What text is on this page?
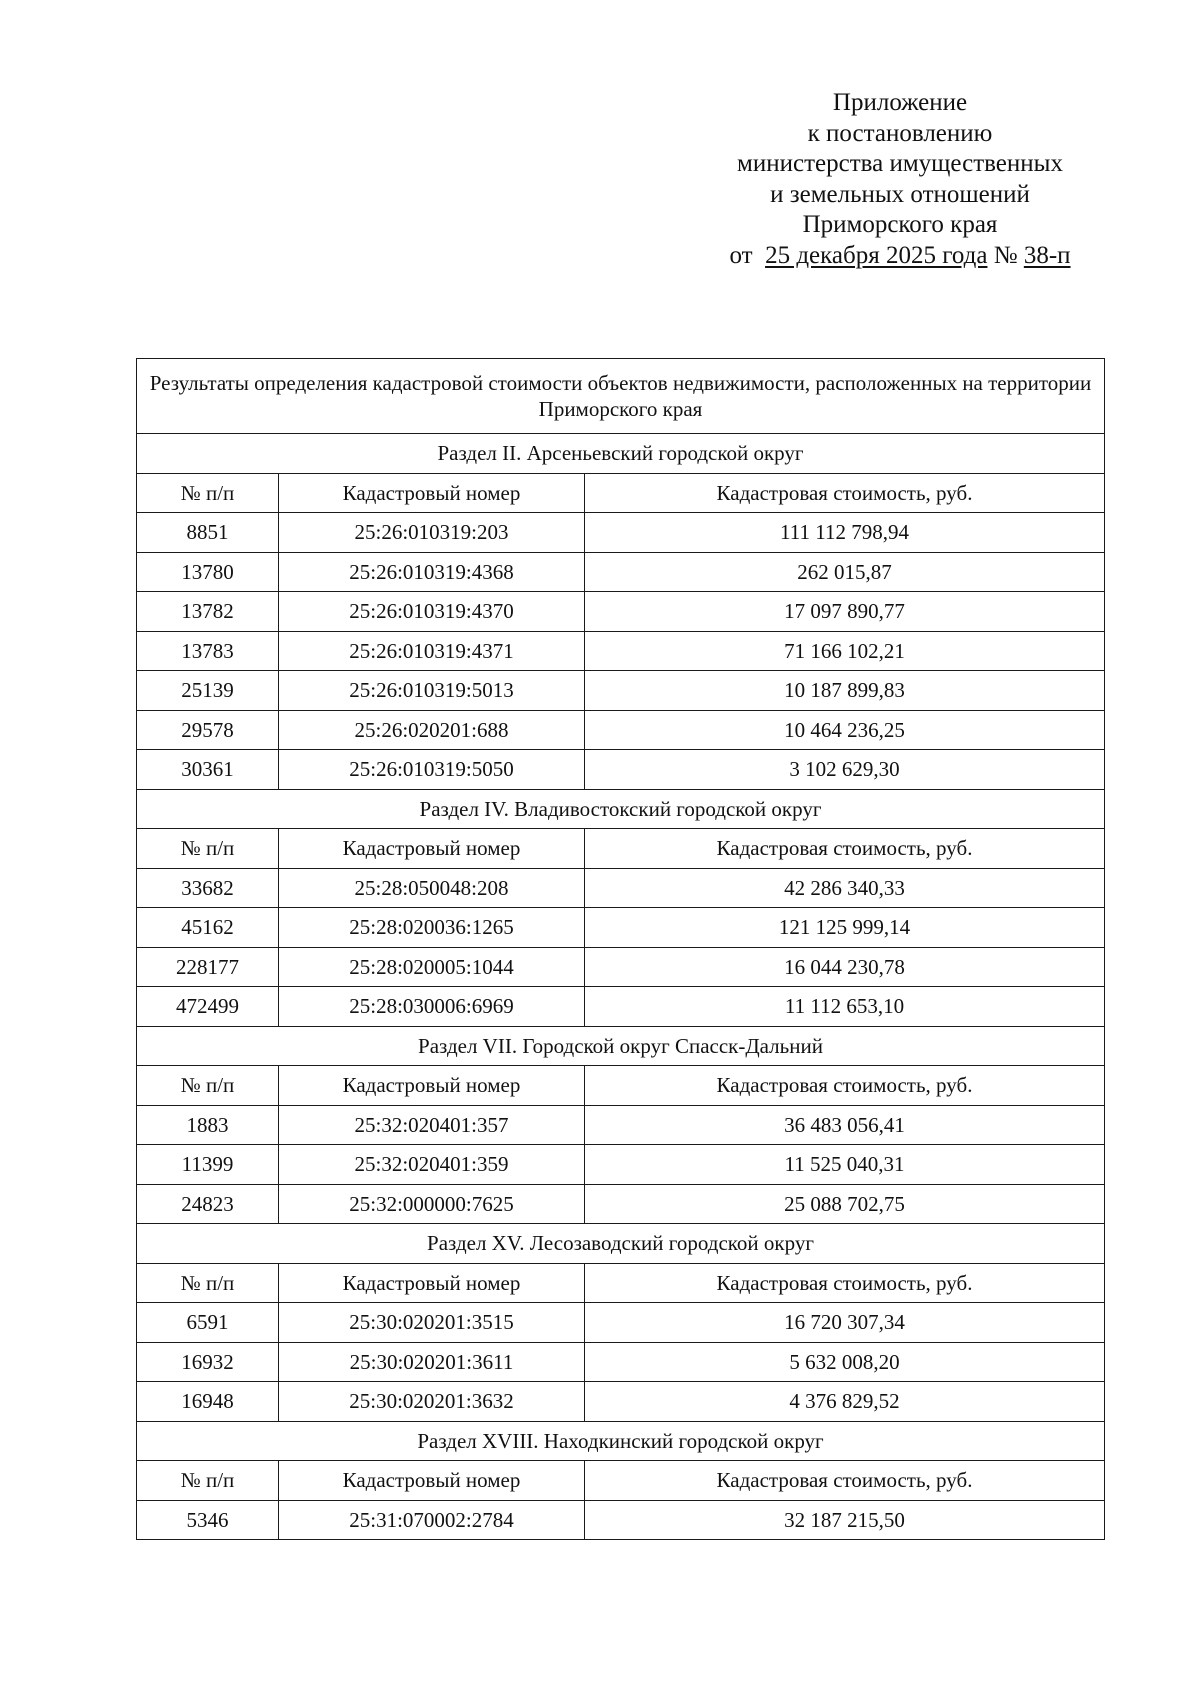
Приложение
к постановлению
министерства имущественных
и земельных отношений
Приморского края
от 25 декабря 2025 года № 38-п
Результаты определения кадастровой стоимости объектов недвижимости, расположенных на территории Приморского края		
Раздел II. Арсеньевский городской округ		
№ п/п	Кадастровый номер	Кадастровая стоимость, руб.
8851	25:26:010319:203	111 112 798,94
13780	25:26:010319:4368	262 015,87
13782	25:26:010319:4370	17 097 890,77
13783	25:26:010319:4371	71 166 102,21
25139	25:26:010319:5013	10 187 899,83
29578	25:26:020201:688	10 464 236,25
30361	25:26:010319:5050	3 102 629,30
Раздел IV. Владивостокский городской округ		
№ п/п	Кадастровый номер	Кадастровая стоимость, руб.
33682	25:28:050048:208	42 286 340,33
45162	25:28:020036:1265	121 125 999,14
228177	25:28:020005:1044	16 044 230,78
472499	25:28:030006:6969	11 112 653,10
Раздел VII. Городской округ Спасск-Дальний		
№ п/п	Кадастровый номер	Кадастровая стоимость, руб.
1883	25:32:020401:357	36 483 056,41
11399	25:32:020401:359	11 525 040,31
24823	25:32:000000:7625	25 088 702,75
Раздел XV. Лесозаводский городской округ		
№ п/п	Кадастровый номер	Кадастровая стоимость, руб.
6591	25:30:020201:3515	16 720 307,34
16932	25:30:020201:3611	5 632 008,20
16948	25:30:020201:3632	4 376 829,52
Раздел XVIII. Находкинский городской округ		
№ п/п	Кадастровый номер	Кадастровая стоимость, руб.
5346	25:31:070002:2784	32 187 215,50
